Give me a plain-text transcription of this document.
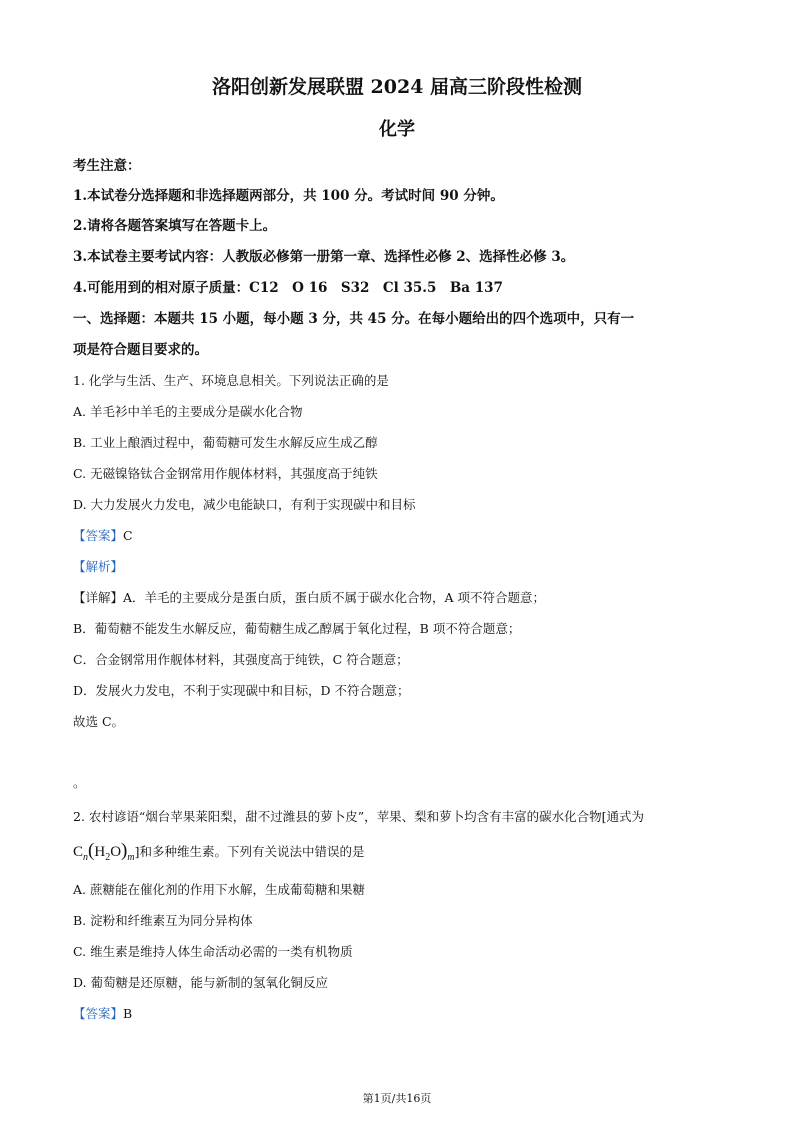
洛阳创新发展联盟 2024 届高三阶段性检测
化学
考生注意：
1.本试卷分选择题和非选择题两部分，共 100 分。考试时间 90 分钟。
2.请将各题答案填写在答题卡上。
3.本试卷主要考试内容：人教版必修第一册第一章、选择性必修 2、选择性必修 3。
4.可能用到的相对原子质量：C12　O 16　S32　Cl 35.5　Ba 137
一、选择题：本题共 15 小题，每小题 3 分，共 45 分。在每小题给出的四个选项中，只有一
项是符合题目要求的。
1. 化学与生活、生产、环境息息相关。下列说法正确的是
A. 羊毛衫中羊毛的主要成分是碳水化合物
B. 工业上酿酒过程中，葡萄糖可发生水解反应生成乙醇
C. 无磁镍铬钛合金钢常用作舰体材料，其强度高于纯铁
D. 大力发展火力发电，减少电能缺口，有利于实现碳中和目标
【答案】C
【解析】
【详解】A．羊毛的主要成分是蛋白质，蛋白质不属于碳水化合物，A 项不符合题意；
B．葡萄糖不能发生水解反应，葡萄糖生成乙醇属于氧化过程，B 项不符合题意；
C．合金钢常用作舰体材料，其强度高于纯铁，C 符合题意；
D．发展火力发电，不利于实现碳中和目标，D 不符合题意；
故选 C。
。
2. 农村谚语“烟台苹果莱阳梨，甜不过潍县的萝卜皮”，苹果、梨和萝卜均含有丰富的碳水化合物[通式为
$C_n(H_2O)_m$]和多种维生素。下列有关说法中错误的是
A. 蔗糖能在催化剂的作用下水解，生成葡萄糖和果糖
B. 淀粉和纤维素互为同分异构体
C. 维生素是维持人体生命活动必需的一类有机物质
D. 葡萄糖是还原糖，能与新制的氢氧化铜反应
【答案】B
第1页/共16页
